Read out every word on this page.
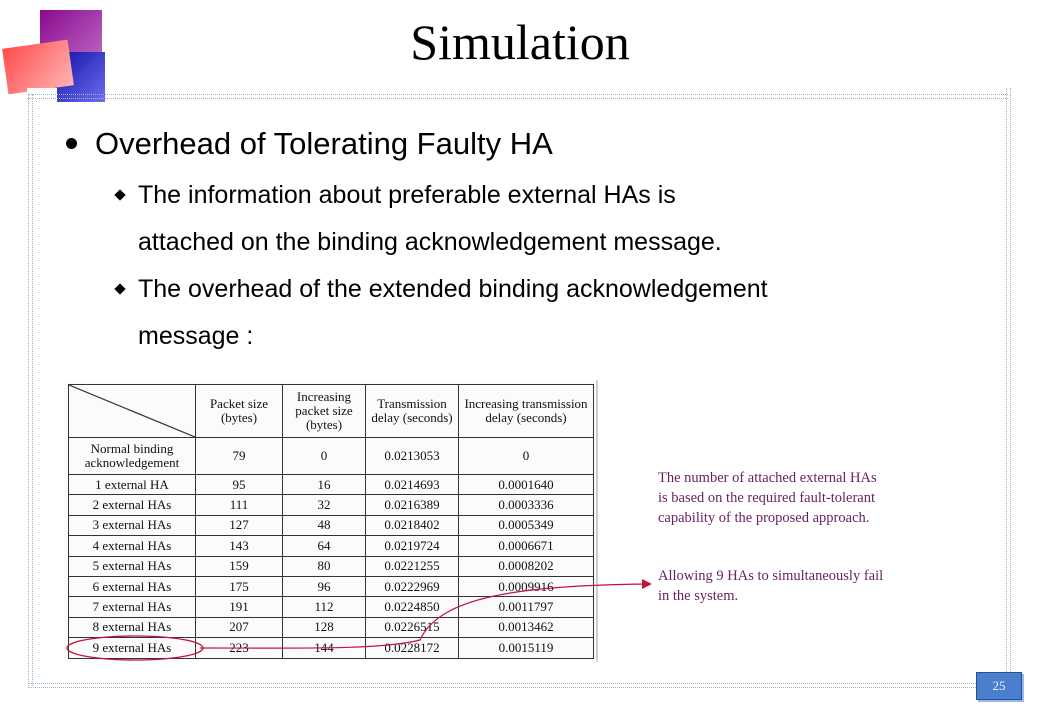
Simulation
Overhead of Tolerating Faulty HA
The information about preferable external HAs is
attached on the binding acknowledgement message.
The overhead of the extended binding acknowledgement
message :
	Packet size (bytes)	Increasing packet size (bytes)	Transmission delay (seconds)	Increasing transmission delay (seconds)
Normal binding acknowledgement	79	0	0.0213053	0
1 external HA	95	16	0.0214693	0.0001640
2 external HAs	111	32	0.0216389	0.0003336
3 external HAs	127	48	0.0218402	0.0005349
4 external HAs	143	64	0.0219724	0.0006671
5 external HAs	159	80	0.0221255	0.0008202
6 external HAs	175	96	0.0222969	0.0009916
7 external HAs	191	112	0.0224850	0.0011797
8 external HAs	207	128	0.0226515	0.0013462
9 external HAs	223	144	0.0228172	0.0015119
The number of attached external HAs
is based on the required fault-tolerant
capability of the proposed approach.
Allowing 9 HAs to simultaneously fail
in the system.
25
